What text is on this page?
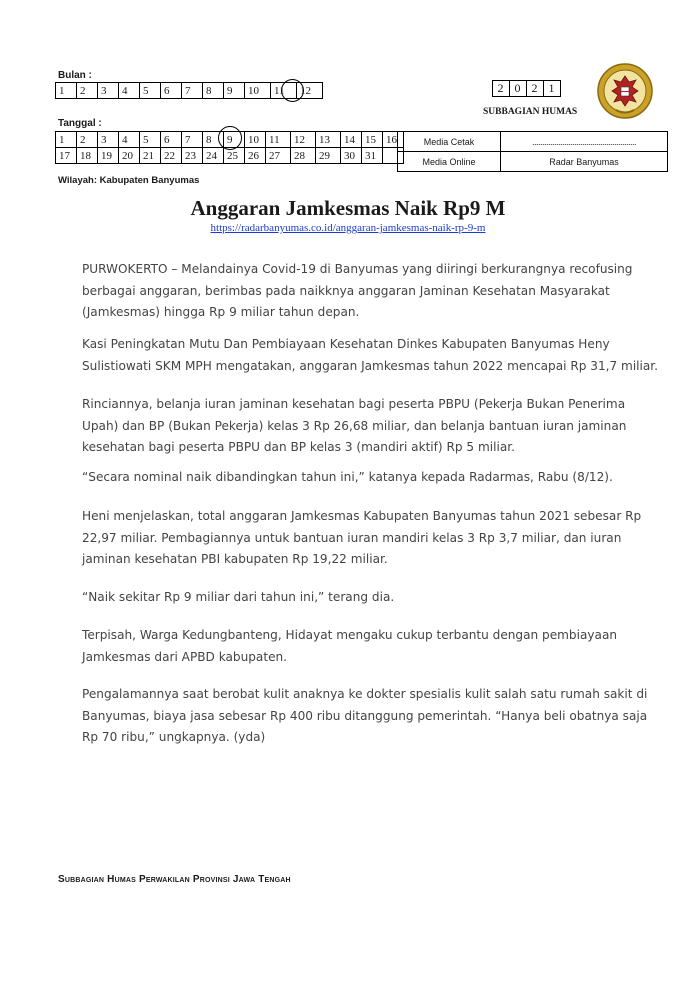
Bulan :
1	2	3	4	5	6	7	8	9	10	11	12
Tanggal :
1	2	3	4	5	6	7	8	9	10	11	12	13	14	15	16
17	18	19	20	21	22	23	24	25	26	27	28	29	30	31	
2	0	2	1
SUBBAGIAN HUMAS
Media Cetak	....................................................
Media Online	Radar Banyumas
Wilayah: Kabupaten Banyumas
Anggaran Jamkesmas Naik Rp9 M
https://radarbanyumas.co.id/anggaran-jamkesmas-naik-rp-9-m
PURWOKERTO – Melandainya Covid-19 di Banyumas yang diiringi berkurangnya recofusing berbagai anggaran, berimbas pada naikknya anggaran Jaminan Kesehatan Masyarakat (Jamkesmas) hingga Rp 9 miliar tahun depan.
Kasi Peningkatan Mutu Dan Pembiayaan Kesehatan Dinkes Kabupaten Banyumas Heny Sulistiowati SKM MPH mengatakan, anggaran Jamkesmas tahun 2022 mencapai Rp 31,7 miliar.
Rinciannya, belanja iuran jaminan kesehatan bagi peserta PBPU (Pekerja Bukan Penerima Upah) dan BP (Bukan Pekerja) kelas 3 Rp 26,68 miliar, dan belanja bantuan iuran jaminan kesehatan bagi peserta PBPU dan BP kelas 3 (mandiri aktif) Rp 5 miliar.
“Secara nominal naik dibandingkan tahun ini,” katanya kepada Radarmas, Rabu (8/12).
Heni menjelaskan, total anggaran Jamkesmas Kabupaten Banyumas tahun 2021 sebesar Rp 22,97 miliar. Pembagiannya untuk bantuan iuran mandiri kelas 3 Rp 3,7 miliar, dan iuran jaminan kesehatan PBI kabupaten Rp 19,22 miliar.
“Naik sekitar Rp 9 miliar dari tahun ini,” terang dia.
Terpisah, Warga Kedungbanteng, Hidayat mengaku cukup terbantu dengan pembiayaan Jamkesmas dari APBD kabupaten.
Pengalamannya saat berobat kulit anaknya ke dokter spesialis kulit salah satu rumah sakit di Banyumas, biaya jasa sebesar Rp 400 ribu ditanggung pemerintah. “Hanya beli obatnya saja Rp 70 ribu,” ungkapnya. (yda)
Subbagian Humas Perwakilan Provinsi Jawa Tengah
